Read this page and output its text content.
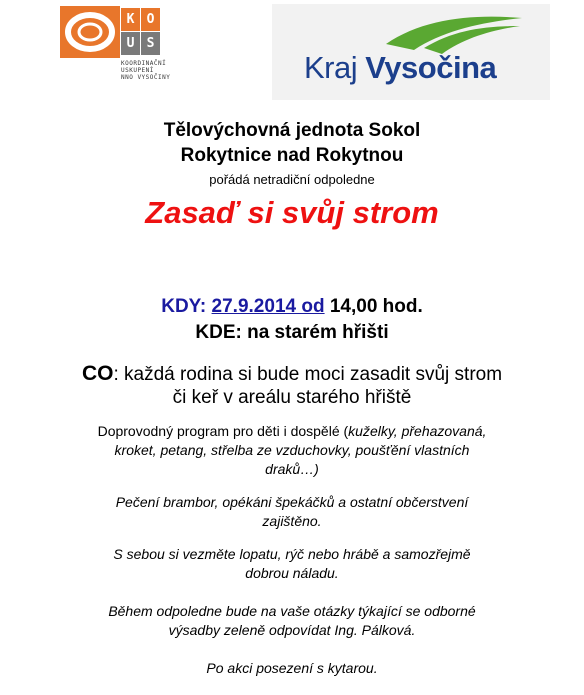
K O
U S
KOORDINAČNÍ
USKUPENÍ
NNO VYSOČINY	Kraj Vysočina
Tělovýchovná jednota Sokol
Rokytnice nad Rokytnou
pořádá netradiční odpoledne
Zasaď si svůj strom
KDY: 27.9.2014 od 14,00 hod.
KDE: na starém hřišti
CO: každá rodina si bude moci zasadit svůj strom
či keř v areálu starého hřiště
Doprovodný program pro děti i dospělé (kuželky, přehazovaná,
kroket, petang, střelba ze vzduchovky, poušťění vlastních
draků…)
Pečení brambor, opékáni špekáčků a ostatní občerstvení
zajištěno.
S sebou si vezměte lopatu, rýč nebo hrábě a samozřejmě
dobrou náladu.
Během odpoledne bude na vaše otázky týkající se odborné
výsadby zeleně odpovídat Ing. Pálková.
Po akci posezení s kytarou.
